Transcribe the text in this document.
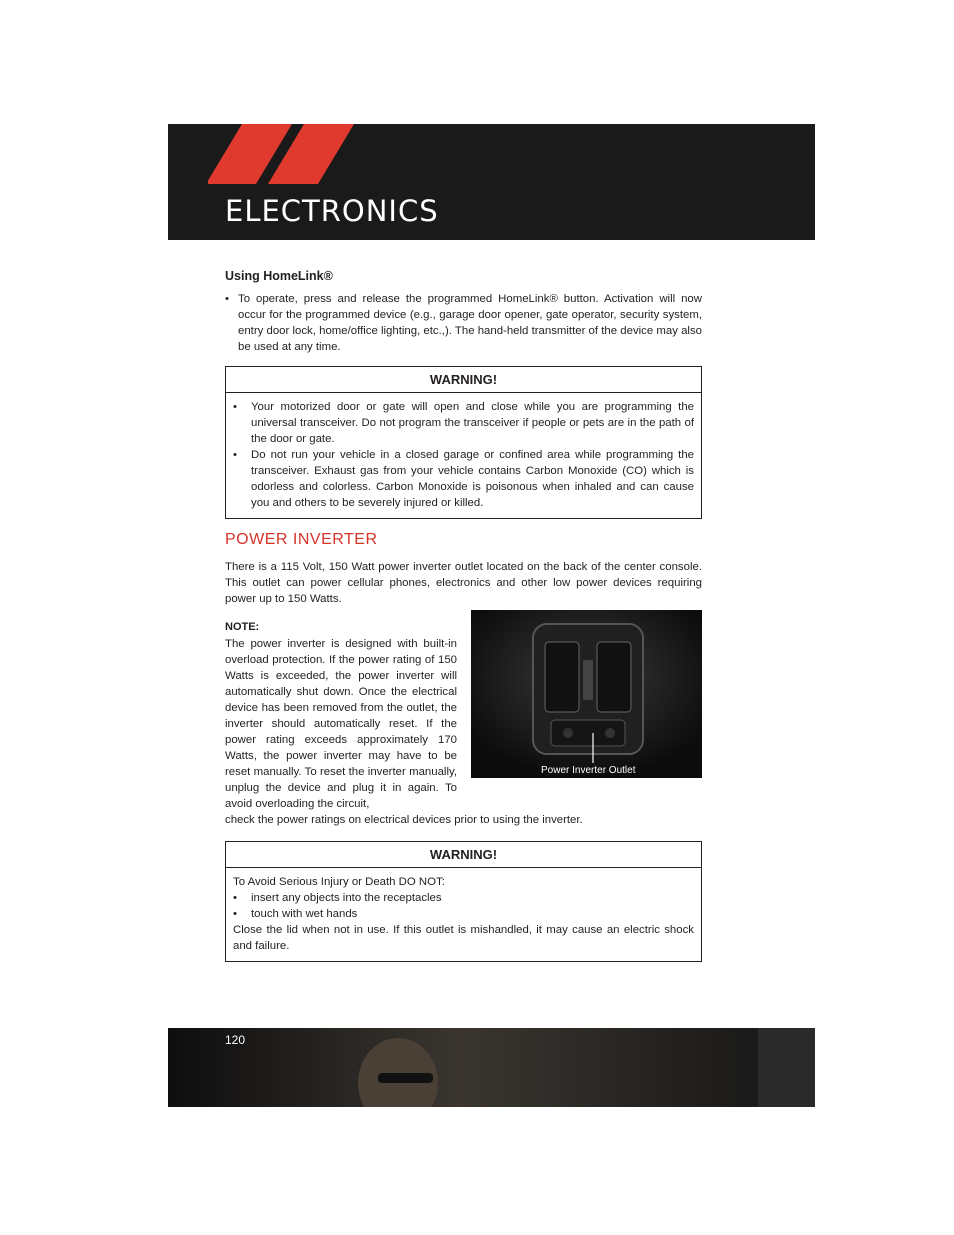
ELECTRONICS
Using HomeLink®
• To operate, press and release the programmed HomeLink® button. Activation will now occur for the programmed device (e.g., garage door opener, gate operator, security system, entry door lock, home/office lighting, etc.,). The hand-held transmitter of the device may also be used at any time.
WARNING!
• Your motorized door or gate will open and close while you are programming the universal transceiver. Do not program the transceiver if people or pets are in the path of the door or gate.
• Do not run your vehicle in a closed garage or confined area while programming the transceiver. Exhaust gas from your vehicle contains Carbon Monoxide (CO) which is odorless and colorless. Carbon Monoxide is poisonous when inhaled and can cause you and others to be severely injured or killed.
POWER INVERTER

There is a 115 Volt, 150 Watt power inverter outlet located on the back of the center console. This outlet can power cellular phones, electronics and other low power devices requiring power up to 150 Watts.

NOTE:

The power inverter is designed with built-in overload protection. If the power rating of 150 Watts is exceeded, the power inverter will automatically shut down. Once the electrical device has been removed from the outlet, the inverter should automatically reset. If the power rating exceeds approximately 170 Watts, the power inverter may have to be reset manually. To reset the inverter manually, unplug the device and plug it in again. To avoid overloading the circuit,

Power Inverter Outlet

check the power ratings on electrical devices prior to using the inverter.

WARNING!

To Avoid Serious Injury or Death DO NOT:

• insert any objects into the receptacles
• touch with wet hands

Close the lid when not in use. If this outlet is mishandled, it may cause an electric shock and failure.

120
